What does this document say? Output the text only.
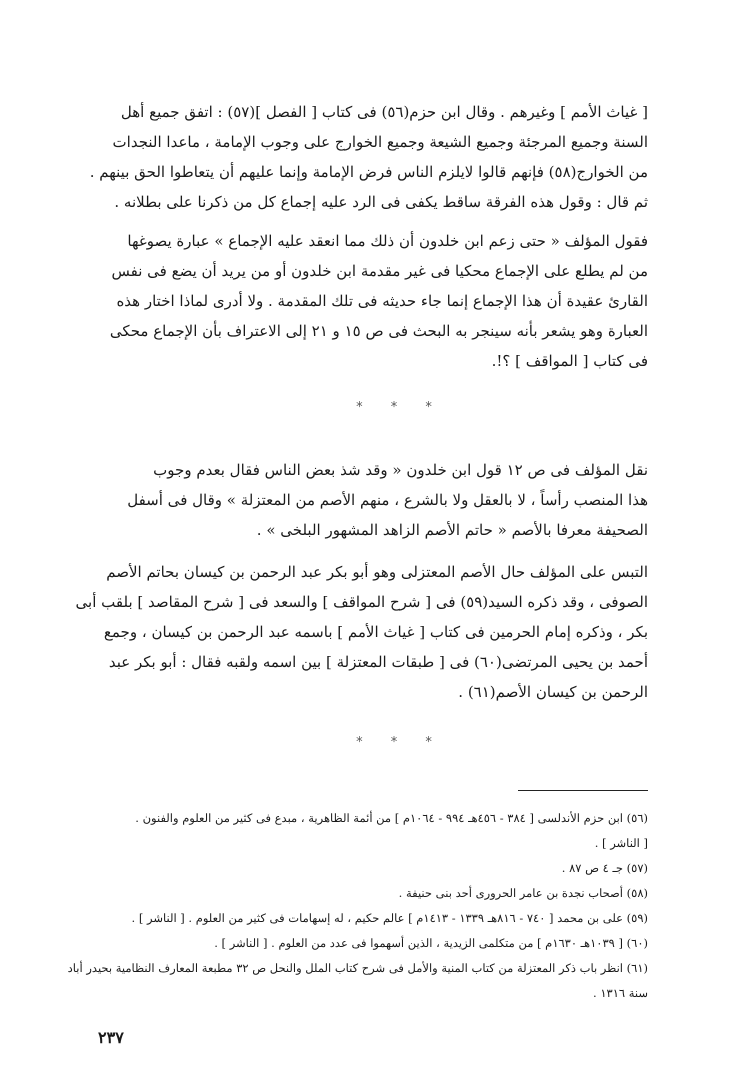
[ غياث الأمم ] وغيرهم . وقال ابن حزم(٥٦) فى كتاب [ الفصل ](٥٧) : اتفق جميع أهل
السنة وجميع المرجئة وجميع الشيعة وجميع الخوارج على وجوب الإمامة ، ماعدا النجدات
من الخوارج(٥٨) فإنهم قالوا لايلزم الناس فرض الإمامة وإنما عليهم أن يتعاطوا الحق بينهم .
ثم قال : وقول هذه الفرقة ساقط يكفى فى الرد عليه إجماع كل من ذكرنا على بطلانه .
فقول المؤلف « حتى زعم ابن خلدون أن ذلك مما انعقد عليه الإجماع » عبارة يصوغها
من لم يطلع على الإجماع محكيا فى غير مقدمة ابن خلدون أو من يريد أن يضع فى نفس
القارئ عقيدة أن هذا الإجماع إنما جاء حديثه فى تلك المقدمة . ولا أدرى لماذا اختار هذه
العبارة وهو يشعر بأنه سينجر به البحث فى ص ١٥ و ٢١ إلى الاعتراف بأن الإجماع محكى
فى كتاب [ المواقف ] ؟!.
* * *
نقل المؤلف فى ص ١٢ قول ابن خلدون « وقد شذ بعض الناس فقال بعدم وجوب
هذا المنصب رأساً ، لا بالعقل ولا بالشرع ، منهم الأصم من المعتزلة » وقال فى أسفل
الصحيفة معرفا بالأصم « حاتم الأصم الزاهد المشهور البلخى » .
التبس على المؤلف حال الأصم المعتزلى وهو أبو بكر عبد الرحمن بن كيسان بحاتم الأصم
الصوفى ، وقد ذكره السيد(٥٩) فى [ شرح المواقف ] والسعد فى [ شرح المقاصد ] بلقب أبى
بكر ، وذكره إمام الحرمين فى كتاب [ غياث الأمم ] باسمه عبد الرحمن بن كيسان ، وجمع
أحمد بن يحيى المرتضى(٦٠) فى [ طبقات المعتزلة ] بين اسمه ولقبه فقال : أبو بكر عبد
الرحمن بن كيسان الأصم(٦١) .
* * *
(٥٦) ابن حزم الأندلسى [ ٣٨٤ - ٤٥٦هـ ٩٩٤ - ١٠٦٤م ] من أئمة الظاهرية ، مبدع فى كثير من العلوم والفنون .
[ الناشر ] .
(٥٧) جـ ٤ ص ٨٧ .
(٥٨) أصحاب نجدة بن عامر الحرورى أحد بنى حنيفة .
(٥٩) على بن محمد [ ٧٤٠ - ٨١٦هـ ١٣٣٩ - ١٤١٣م ] عالم حكيم ، له إسهامات فى كثير من العلوم . [ الناشر ] .
(٦٠) [ ١٠٣٩هـ ١٦٣٠م ] من متكلمى الزيدية ، الذين أسهموا فى عدد من العلوم . [ الناشر ] .
(٦١) انظر باب ذكر المعتزلة من كتاب المنية والأمل فى شرح كتاب الملل والنحل ص ٣٢ مطبعة المعارف النظامية بحيدر أباد
سنة ١٣١٦ .
٢٣٧
